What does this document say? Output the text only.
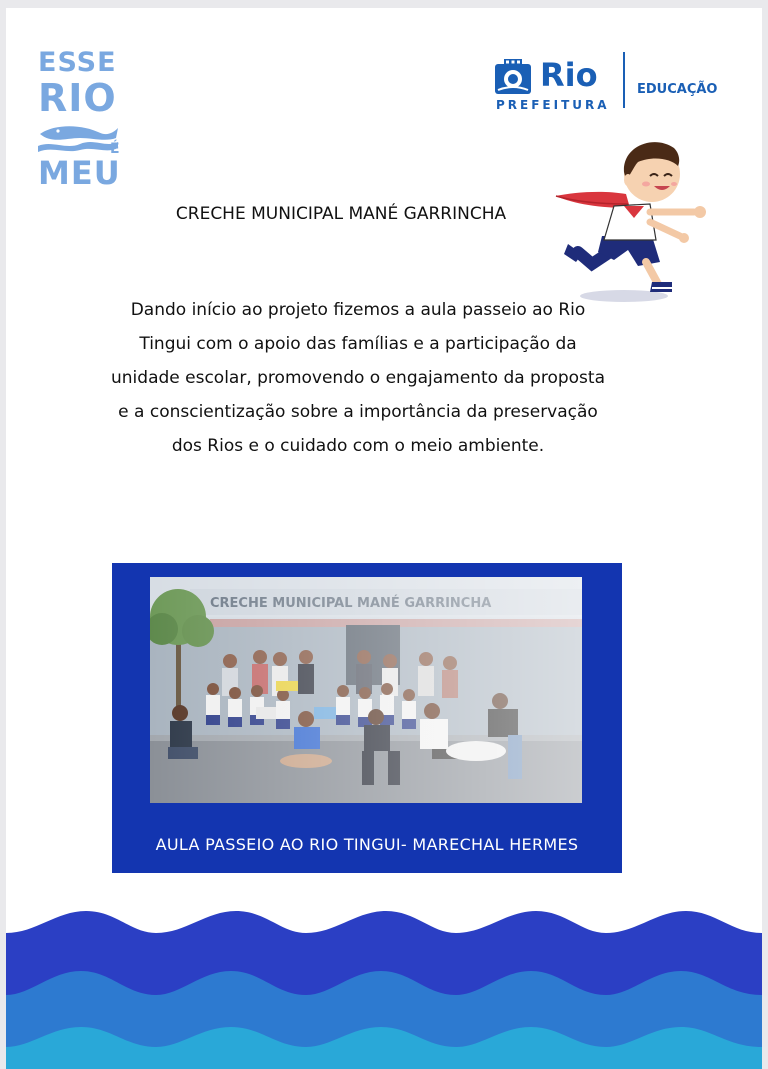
ESSE
RIO
É
MEU
Rio
PREFEITURA
EDUCAÇÃO
CRECHE MUNICIPAL MANÉ GARRINCHA
Dando início ao projeto fizemos a aula passeio ao Rio
Tingui com o apoio das famílias e a participação da
unidade escolar, promovendo o engajamento da proposta
e a conscientização sobre a importância da preservação
dos Rios e o cuidado com o meio ambiente.
AULA PASSEIO AO RIO TINGUI- MARECHAL HERMES
